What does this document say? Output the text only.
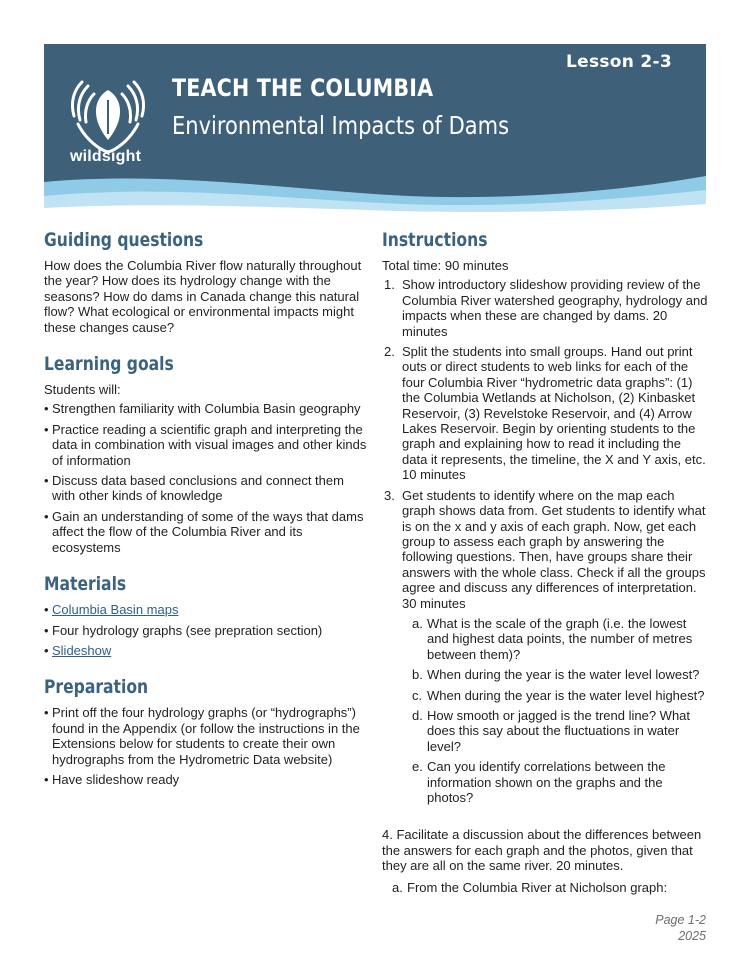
Lesson 2-3
wildsight
TEACH THE COLUMBIA
Environmental Impacts of Dams
Guiding questions

How does the Columbia River flow naturally throughout the year? How does its hydrology change with the seasons? How do dams in Canada change this natural flow? What ecological or environmental impacts might these changes cause?

Learning goals

Students will:

• Strengthen familiarity with Columbia Basin geography
• Practice reading a scientific graph and interpreting the data in combination with visual images and other kinds of information
• Discuss data based conclusions and connect them with other kinds of knowledge
• Gain an understanding of some of the ways that dams affect the flow of the Columbia River and its ecosystems
Materials
• Columbia Basin maps
• Four hydrology graphs (see prepration section)
• Slideshow
Preparation
• Print off the four hydrology graphs (or “hydrographs”) found in the Appendix (or follow the instructions in the Extensions below for students to create their own hydrographs from the Hydrometric Data website)
• Have slideshow ready
Instructions

Total time: 90 minutes

1. Show introductory slideshow providing review of the Columbia River watershed geography, hydrology and impacts when these are changed by dams. 20 minutes
2. Split the students into small groups. Hand out print outs or direct students to web links for each of the four Columbia River “hydrometric data graphs”: (1) the Columbia Wetlands at Nicholson, (2) Kinbasket Reservoir, (3) Revelstoke Reservoir, and (4) Arrow Lakes Reservoir. Begin by orienting students to the graph and explaining how to read it including the data it represents, the timeline, the X and Y axis, etc. 10 minutes
3. Get students to identify where on the map each graph shows data from. Get students to identify what is on the x and y axis of each graph. Now, get each group to assess each graph by answering the following questions. Then, have groups share their answers with the whole class. Check if all the groups agree and discuss any differences of interpretation. 30 minutes
a. What is the scale of the graph (i.e. the lowest and highest data points, the number of metres between them)?
b. When during the year is the water level lowest?
c. When during the year is the water level highest?
d. How smooth or jagged is the trend line? What does this say about the fluctuations in water level?
e. Can you identify correlations between the information shown on the graphs and the photos?

4. Facilitate a discussion about the differences between the answers for each graph and the photos, given that they are all on the same river. 20 minutes.

a. From the Columbia River at Nicholson graph:
Page 1-2
2025
